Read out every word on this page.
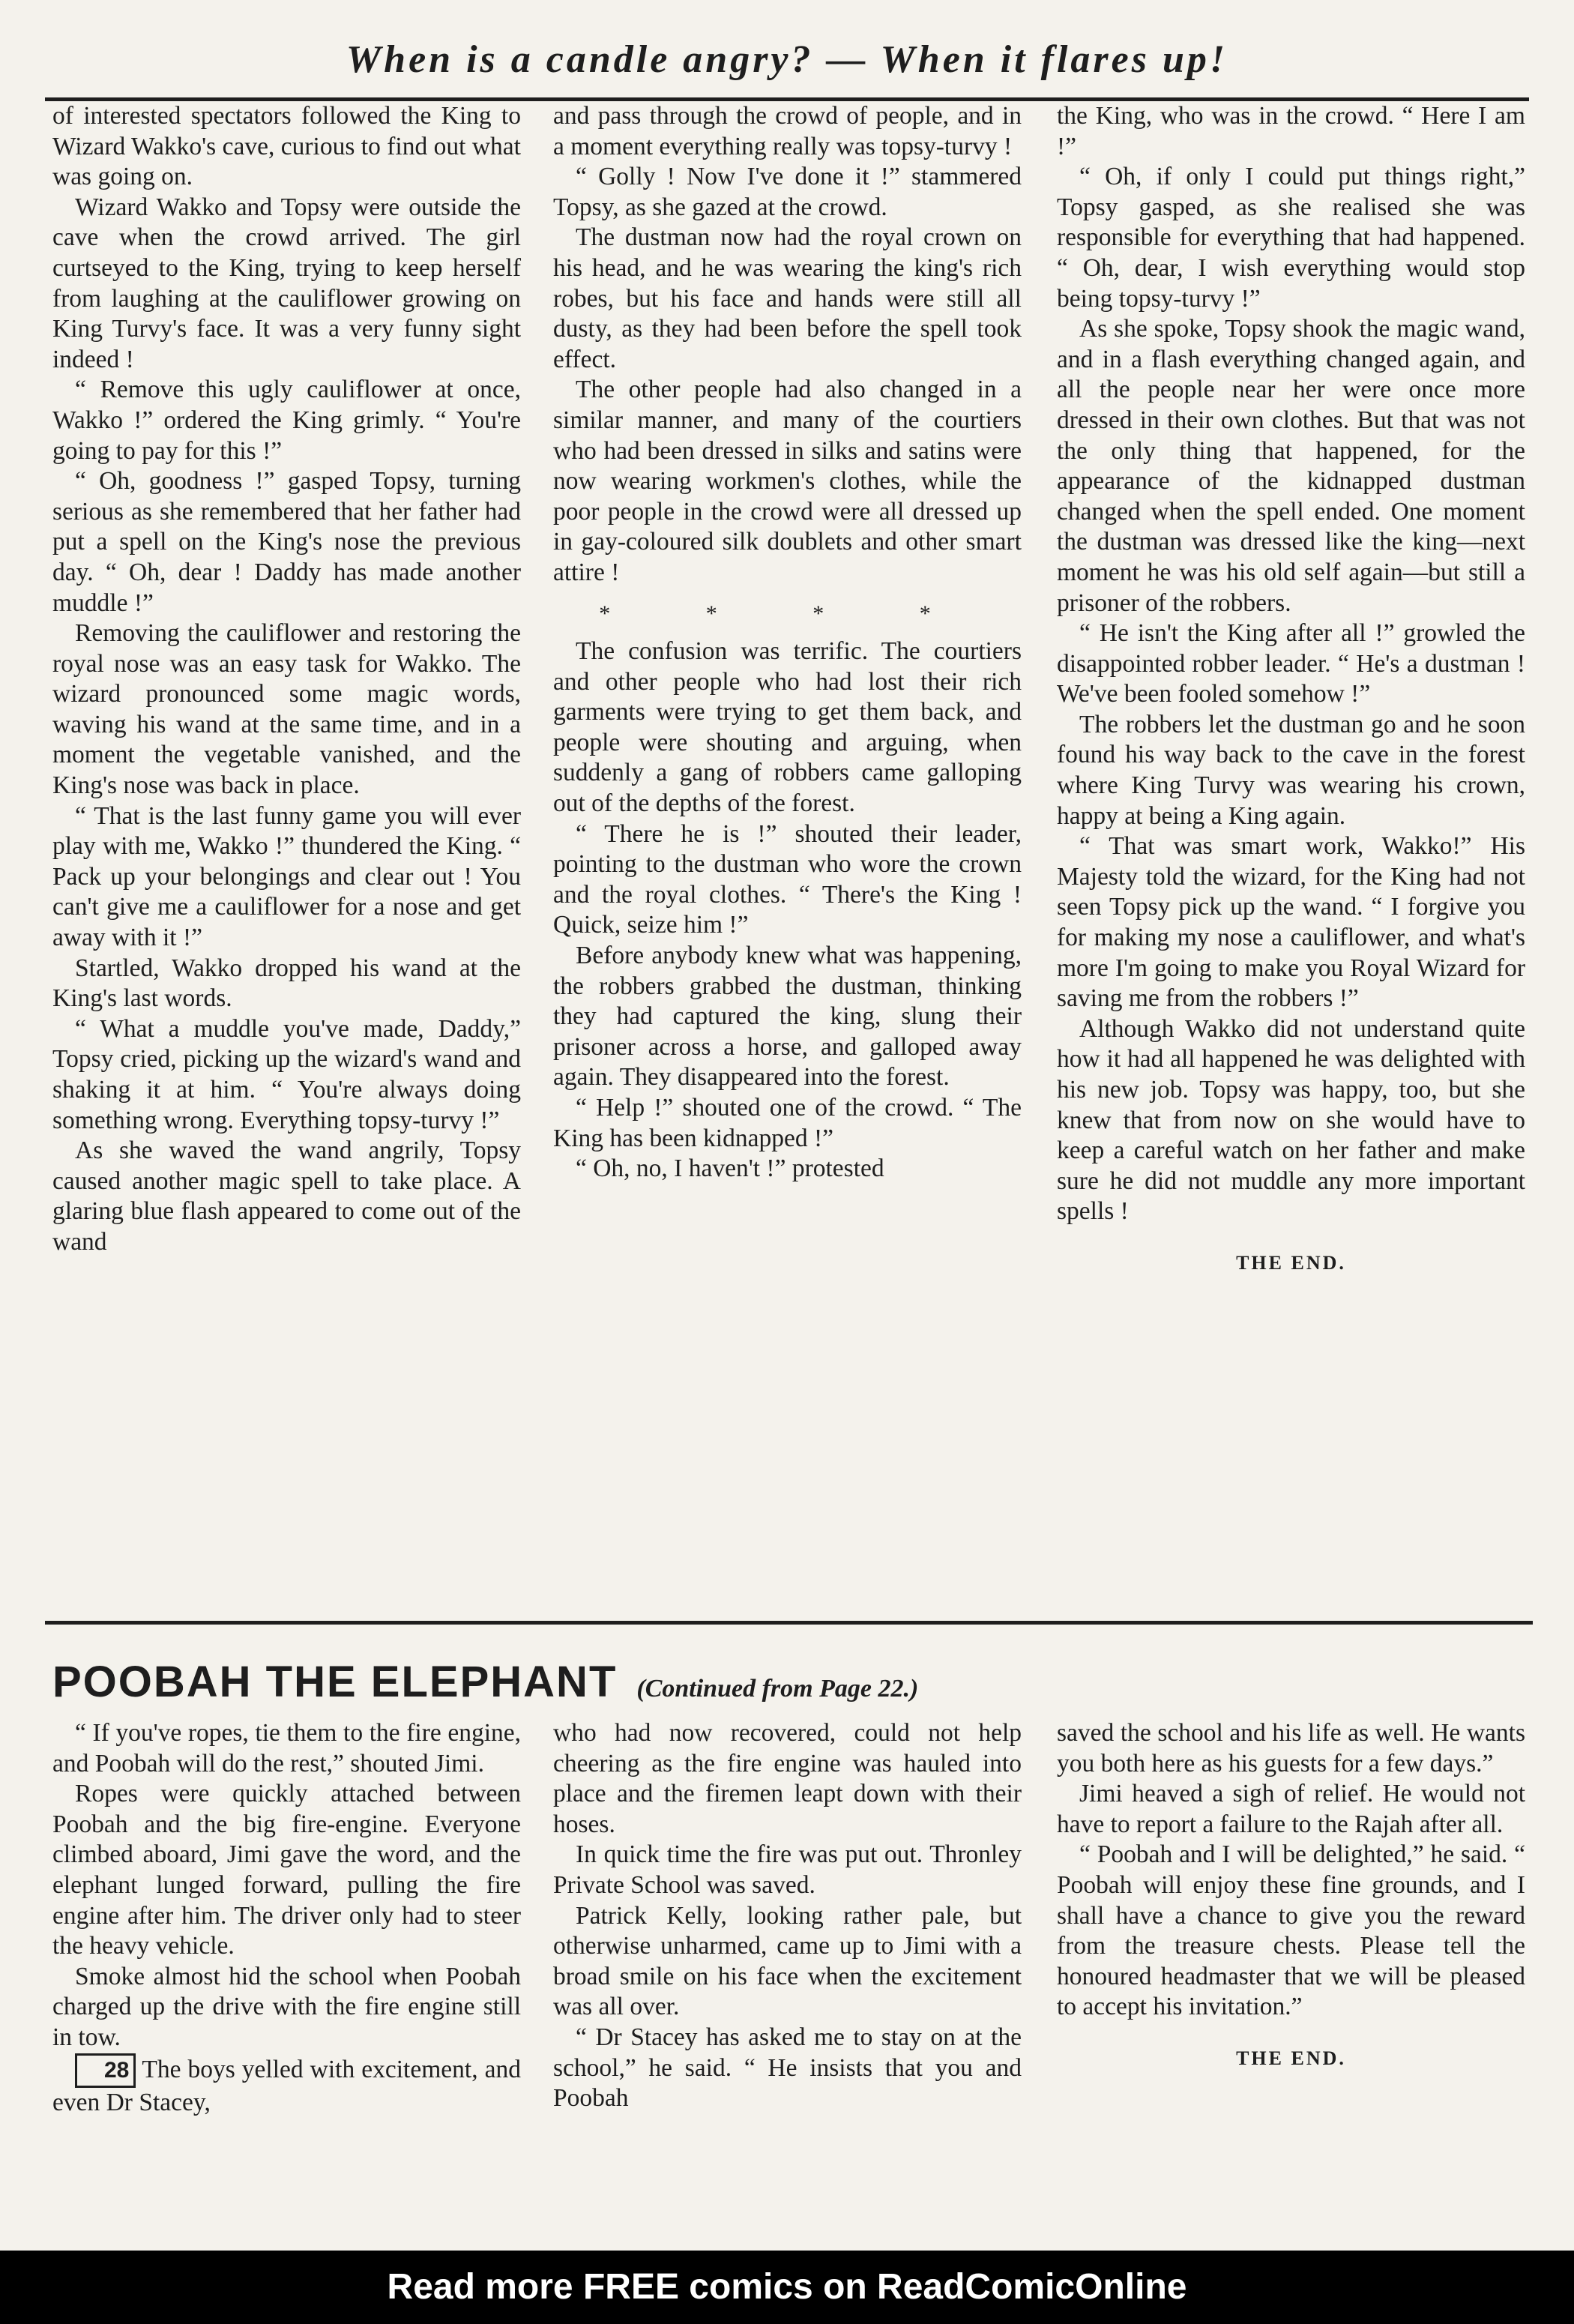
When is a candle angry? — When it flares up!

of interested spectators followed the King to Wizard Wakko's cave, curious to find out what was going on.

Wizard Wakko and Topsy were outside the cave when the crowd arrived. The girl curtseyed to the King, trying to keep herself from laughing at the cauliflower growing on King Turvy's face. It was a very funny sight indeed !

“ Remove this ugly cauliflower at once, Wakko !” ordered the King grimly. “ You're going to pay for this !”

“ Oh, goodness !” gasped Topsy, turning serious as she remembered that her father had put a spell on the King's nose the previous day. “ Oh, dear ! Daddy has made another muddle !”

Removing the cauliflower and restoring the royal nose was an easy task for Wakko. The wizard pronounced some magic words, waving his wand at the same time, and in a moment the vegetable vanished, and the King's nose was back in place.

“ That is the last funny game you will ever play with me, Wakko !” thundered the King. “ Pack up your belongings and clear out ! You can't give me a cauliflower for a nose and get away with it !”

Startled, Wakko dropped his wand at the King's last words.

“ What a muddle you've made, Daddy,” Topsy cried, picking up the wizard's wand and shaking it at him. “ You're always doing something wrong. Everything topsy-turvy !”

As she waved the wand angrily, Topsy caused another magic spell to take place. A glaring blue flash appeared to come out of the wand

and pass through the crowd of people, and in a moment everything really was topsy-turvy !

“ Golly ! Now I've done it !” stammered Topsy, as she gazed at the crowd.

The dustman now had the royal crown on his head, and he was wearing the king's rich robes, but his face and hands were still all dusty, as they had been before the spell took effect.

The other people had also changed in a similar manner, and many of the courtiers who had been dressed in silks and satins were now wearing workmen's clothes, while the poor people in the crowd were all dressed up in gay-coloured silk doublets and other smart attire !

* * * *

The confusion was terrific. The courtiers and other people who had lost their rich garments were trying to get them back, and people were shouting and arguing, when suddenly a gang of robbers came galloping out of the depths of the forest.

“ There he is !” shouted their leader, pointing to the dustman who wore the crown and the royal clothes. “ There's the King ! Quick, seize him !”

Before anybody knew what was happening, the robbers grabbed the dustman, thinking they had captured the king, slung their prisoner across a horse, and galloped away again. They disappeared into the forest.

“ Help !” shouted one of the crowd. “ The King has been kidnapped !”

“ Oh, no, I haven't !” protested

the King, who was in the crowd. “ Here I am !”

“ Oh, if only I could put things right,” Topsy gasped, as she realised she was responsible for everything that had happened. “ Oh, dear, I wish everything would stop being topsy-turvy !”

As she spoke, Topsy shook the magic wand, and in a flash everything changed again, and all the people near her were once more dressed in their own clothes. But that was not the only thing that happened, for the appearance of the kidnapped dustman changed when the spell ended. One moment the dustman was dressed like the king—next moment he was his old self again—but still a prisoner of the robbers.

“ He isn't the King after all !” growled the disappointed robber leader. “ He's a dustman ! We've been fooled somehow !”

The robbers let the dustman go and he soon found his way back to the cave in the forest where King Turvy was wearing his crown, happy at being a King again.

“ That was smart work, Wakko!” His Majesty told the wizard, for the King had not seen Topsy pick up the wand. “ I forgive you for making my nose a cauliflower, and what's more I'm going to make you Royal Wizard for saving me from the robbers !”

Although Wakko did not understand quite how it had all happened he was delighted with his new job. Topsy was happy, too, but she knew that from now on she would have to keep a careful watch on her father and make sure he did not muddle any more important spells !

THE END.
POOBAH THE ELEPHANT (Continued from Page 22.)

“ If you've ropes, tie them to the fire engine, and Poobah will do the rest,” shouted Jimi.

Ropes were quickly attached between Poobah and the big fire-engine. Everyone climbed aboard, Jimi gave the word, and the elephant lunged forward, pulling the fire engine after him. The driver only had to steer the heavy vehicle.

Smoke almost hid the school when Poobah charged up the drive with the fire engine still in tow.

28 The boys yelled with excitement, and even Dr Stacey,

who had now recovered, could not help cheering as the fire engine was hauled into place and the firemen leapt down with their hoses.

In quick time the fire was put out. Thronley Private School was saved.

Patrick Kelly, looking rather pale, but otherwise unharmed, came up to Jimi with a broad smile on his face when the excitement was all over.

“ Dr Stacey has asked me to stay on at the school,” he said. “ He insists that you and Poobah

saved the school and his life as well. He wants you both here as his guests for a few days.”

Jimi heaved a sigh of relief. He would not have to report a failure to the Rajah after all.

“ Poobah and I will be delighted,” he said. “ Poobah will enjoy these fine grounds, and I shall have a chance to give you the reward from the treasure chests. Please tell the honoured headmaster that we will be pleased to accept his invitation.”

THE END.
Read more FREE comics on ReadComicOnline
